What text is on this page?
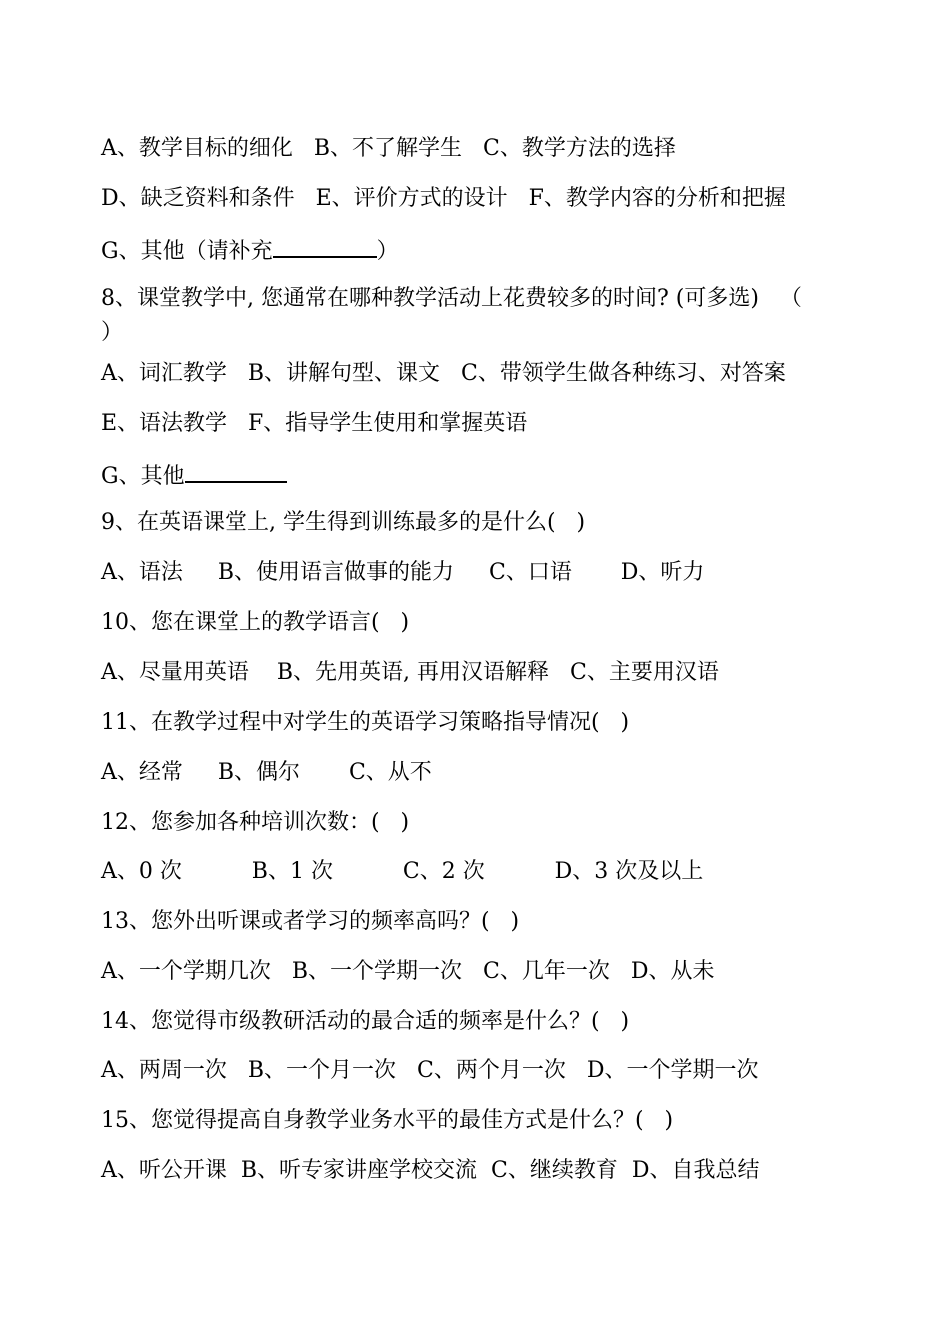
A、教学目标的细化   B、不了解学生   C、教学方法的选择
D、缺乏资料和条件   E、评价方式的设计   F、教学内容的分析和把握
G、其他（请补充	）
8、课堂教学中, 您通常在哪种教学活动上花费较多的时间? (可多选)   （
）
A、词汇教学   B、讲解句型、课文   C、带领学生做各种练习、对答案
E、语法教学   F、指导学生使用和掌握英语
G、其他
9、在英语课堂上, 学生得到训练最多的是什么(   )
A、语法     B、使用语言做事的能力     C、口语       D、听力
10、您在课堂上的教学语言(   )
A、尽量用英语    B、先用英语, 再用汉语解释   C、主要用汉语
11、在教学过程中对学生的英语学习策略指导情况(   )
A、经常     B、偶尔       C、从不
12、您参加各种培训次数：(   )
A、0 次          B、1 次          C、2 次          D、3 次及以上
13、您外出听课或者学习的频率高吗？(   )
A、一个学期几次   B、一个学期一次   C、几年一次   D、从未
14、您觉得市级教研活动的最合适的频率是什么？(   )
A、两周一次   B、一个月一次   C、两个月一次   D、一个学期一次
15、您觉得提高自身教学业务水平的最佳方式是什么？(   )
A、听公开课  B、听专家讲座学校交流  C、继续教育  D、自我总结
